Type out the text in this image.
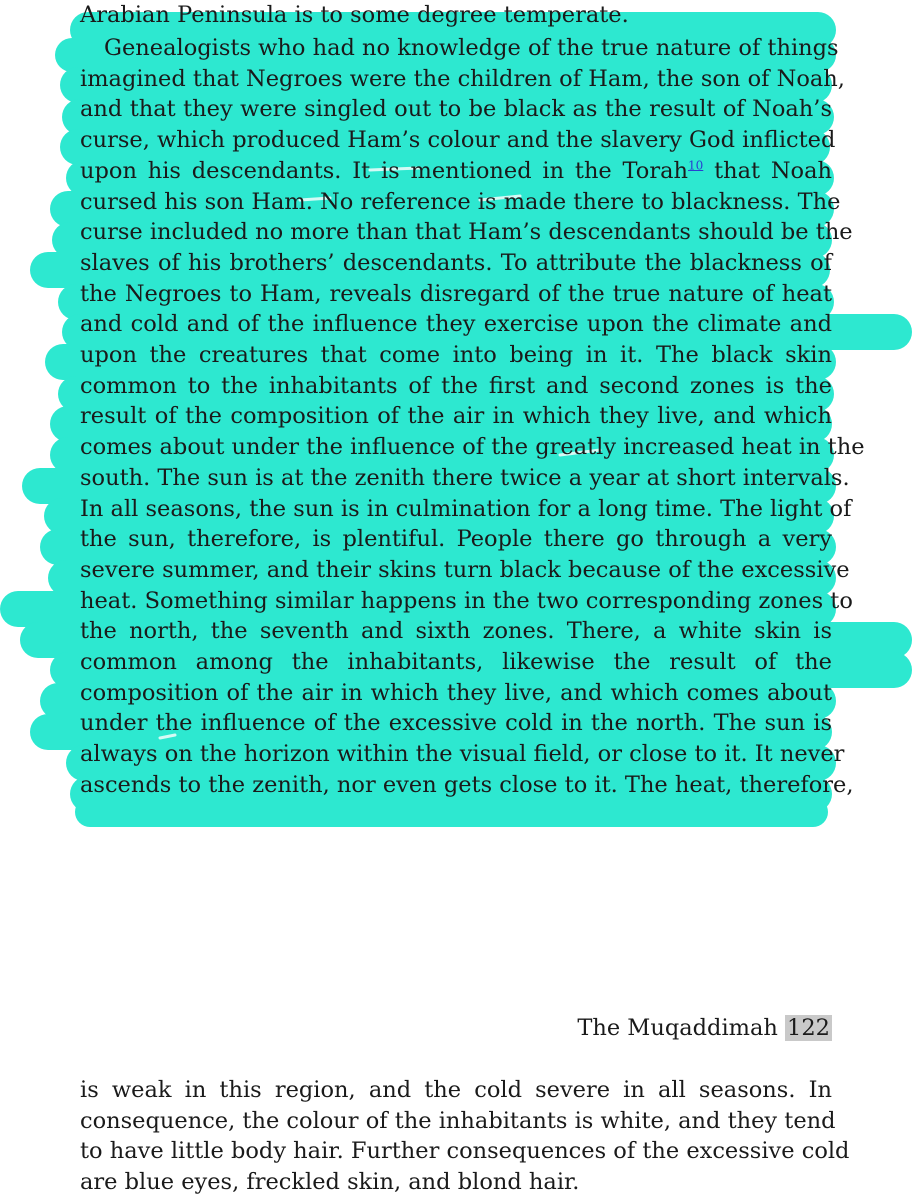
Arabian Peninsula is to some degree temperate.

Genealogists who had no knowledge of the true nature of things
imagined that Negroes were the children of Ham, the son of Noah,
and that they were singled out to be black as the result of Noah’s
curse, which produced Ham’s colour and the slavery God inflicted
upon his descendants. It is mentioned in the Torah$^{10}$ that Noah
cursed his son Ham. No reference is made there to blackness. The
curse included no more than that Ham’s descendants should be the
slaves of his brothers’ descendants. To attribute the blackness of
the Negroes to Ham, reveals disregard of the true nature of heat
and cold and of the influence they exercise upon the climate and
upon the creatures that come into being in it. The black skin
common to the inhabitants of the first and second zones is the
result of the composition of the air in which they live, and which
comes about under the influence of the greatly increased heat in the
south. The sun is at the zenith there twice a year at short intervals.
In all seasons, the sun is in culmination for a long time. The light of
the sun, therefore, is plentiful. People there go through a very
severe summer, and their skins turn black because of the excessive
heat. Something similar happens in the two corresponding zones to
the north, the seventh and sixth zones. There, a white skin is
common among the inhabitants, likewise the result of the
composition of the air in which they live, and which comes about
under the influence of the excessive cold in the north. The sun is
always on the horizon within the visual field, or close to it. It never
ascends to the zenith, nor even gets close to it. The heat, therefore,
The Muqaddimah 122
is weak in this region, and the cold severe in all seasons. In
consequence, the colour of the inhabitants is white, and they tend
to have little body hair. Further consequences of the excessive cold
are blue eyes, freckled skin, and blond hair.
